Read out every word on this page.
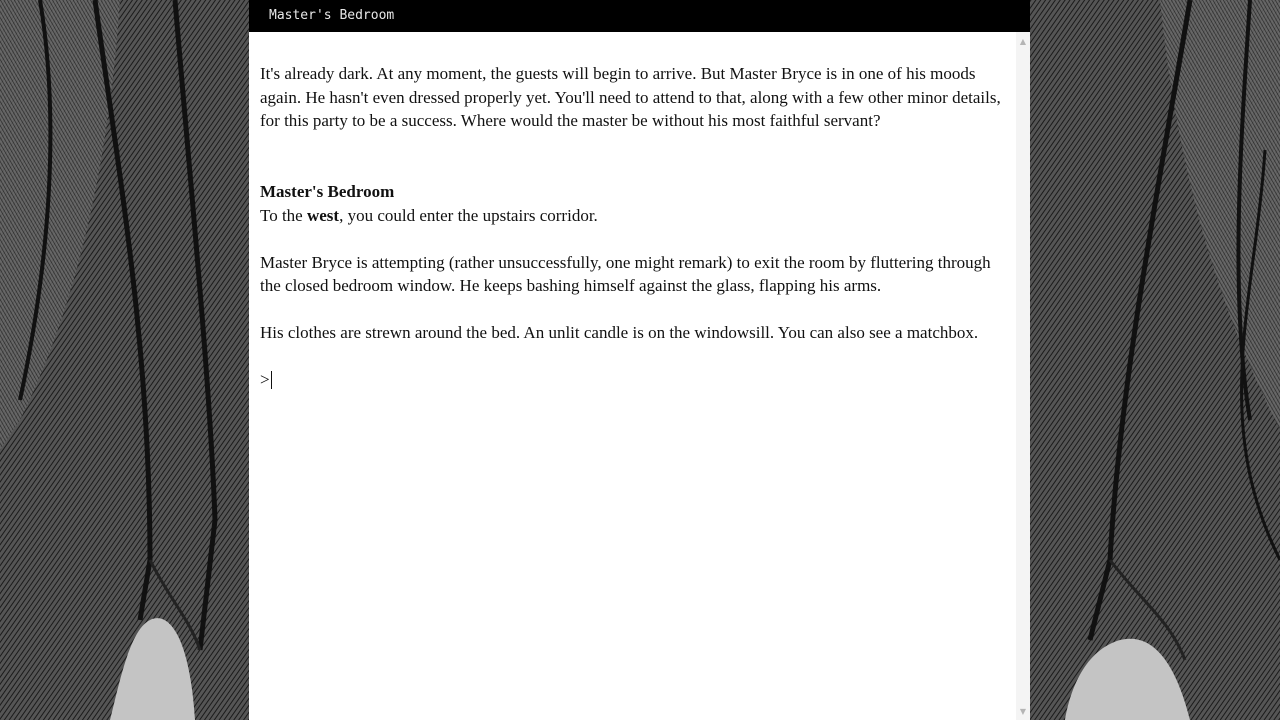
Master's Bedroom

It's already dark. At any moment, the guests will begin to arrive. But Master Bryce is in one of his moods again. He hasn't even dressed properly yet. You'll need to attend to that, along with a few other minor details, for this party to be a success. Where would the master be without his most faithful servant?

Master's Bedroom
To the west, you could enter the upstairs corridor.

Master Bryce is attempting (rather unsuccessfully, one might remark) to exit the room by fluttering through the closed bedroom window. He keeps bashing himself against the glass, flapping his arms.

His clothes are strewn around the bed. An unlit candle is on the windowsill. You can also see a matchbox.

>
▲
▼
